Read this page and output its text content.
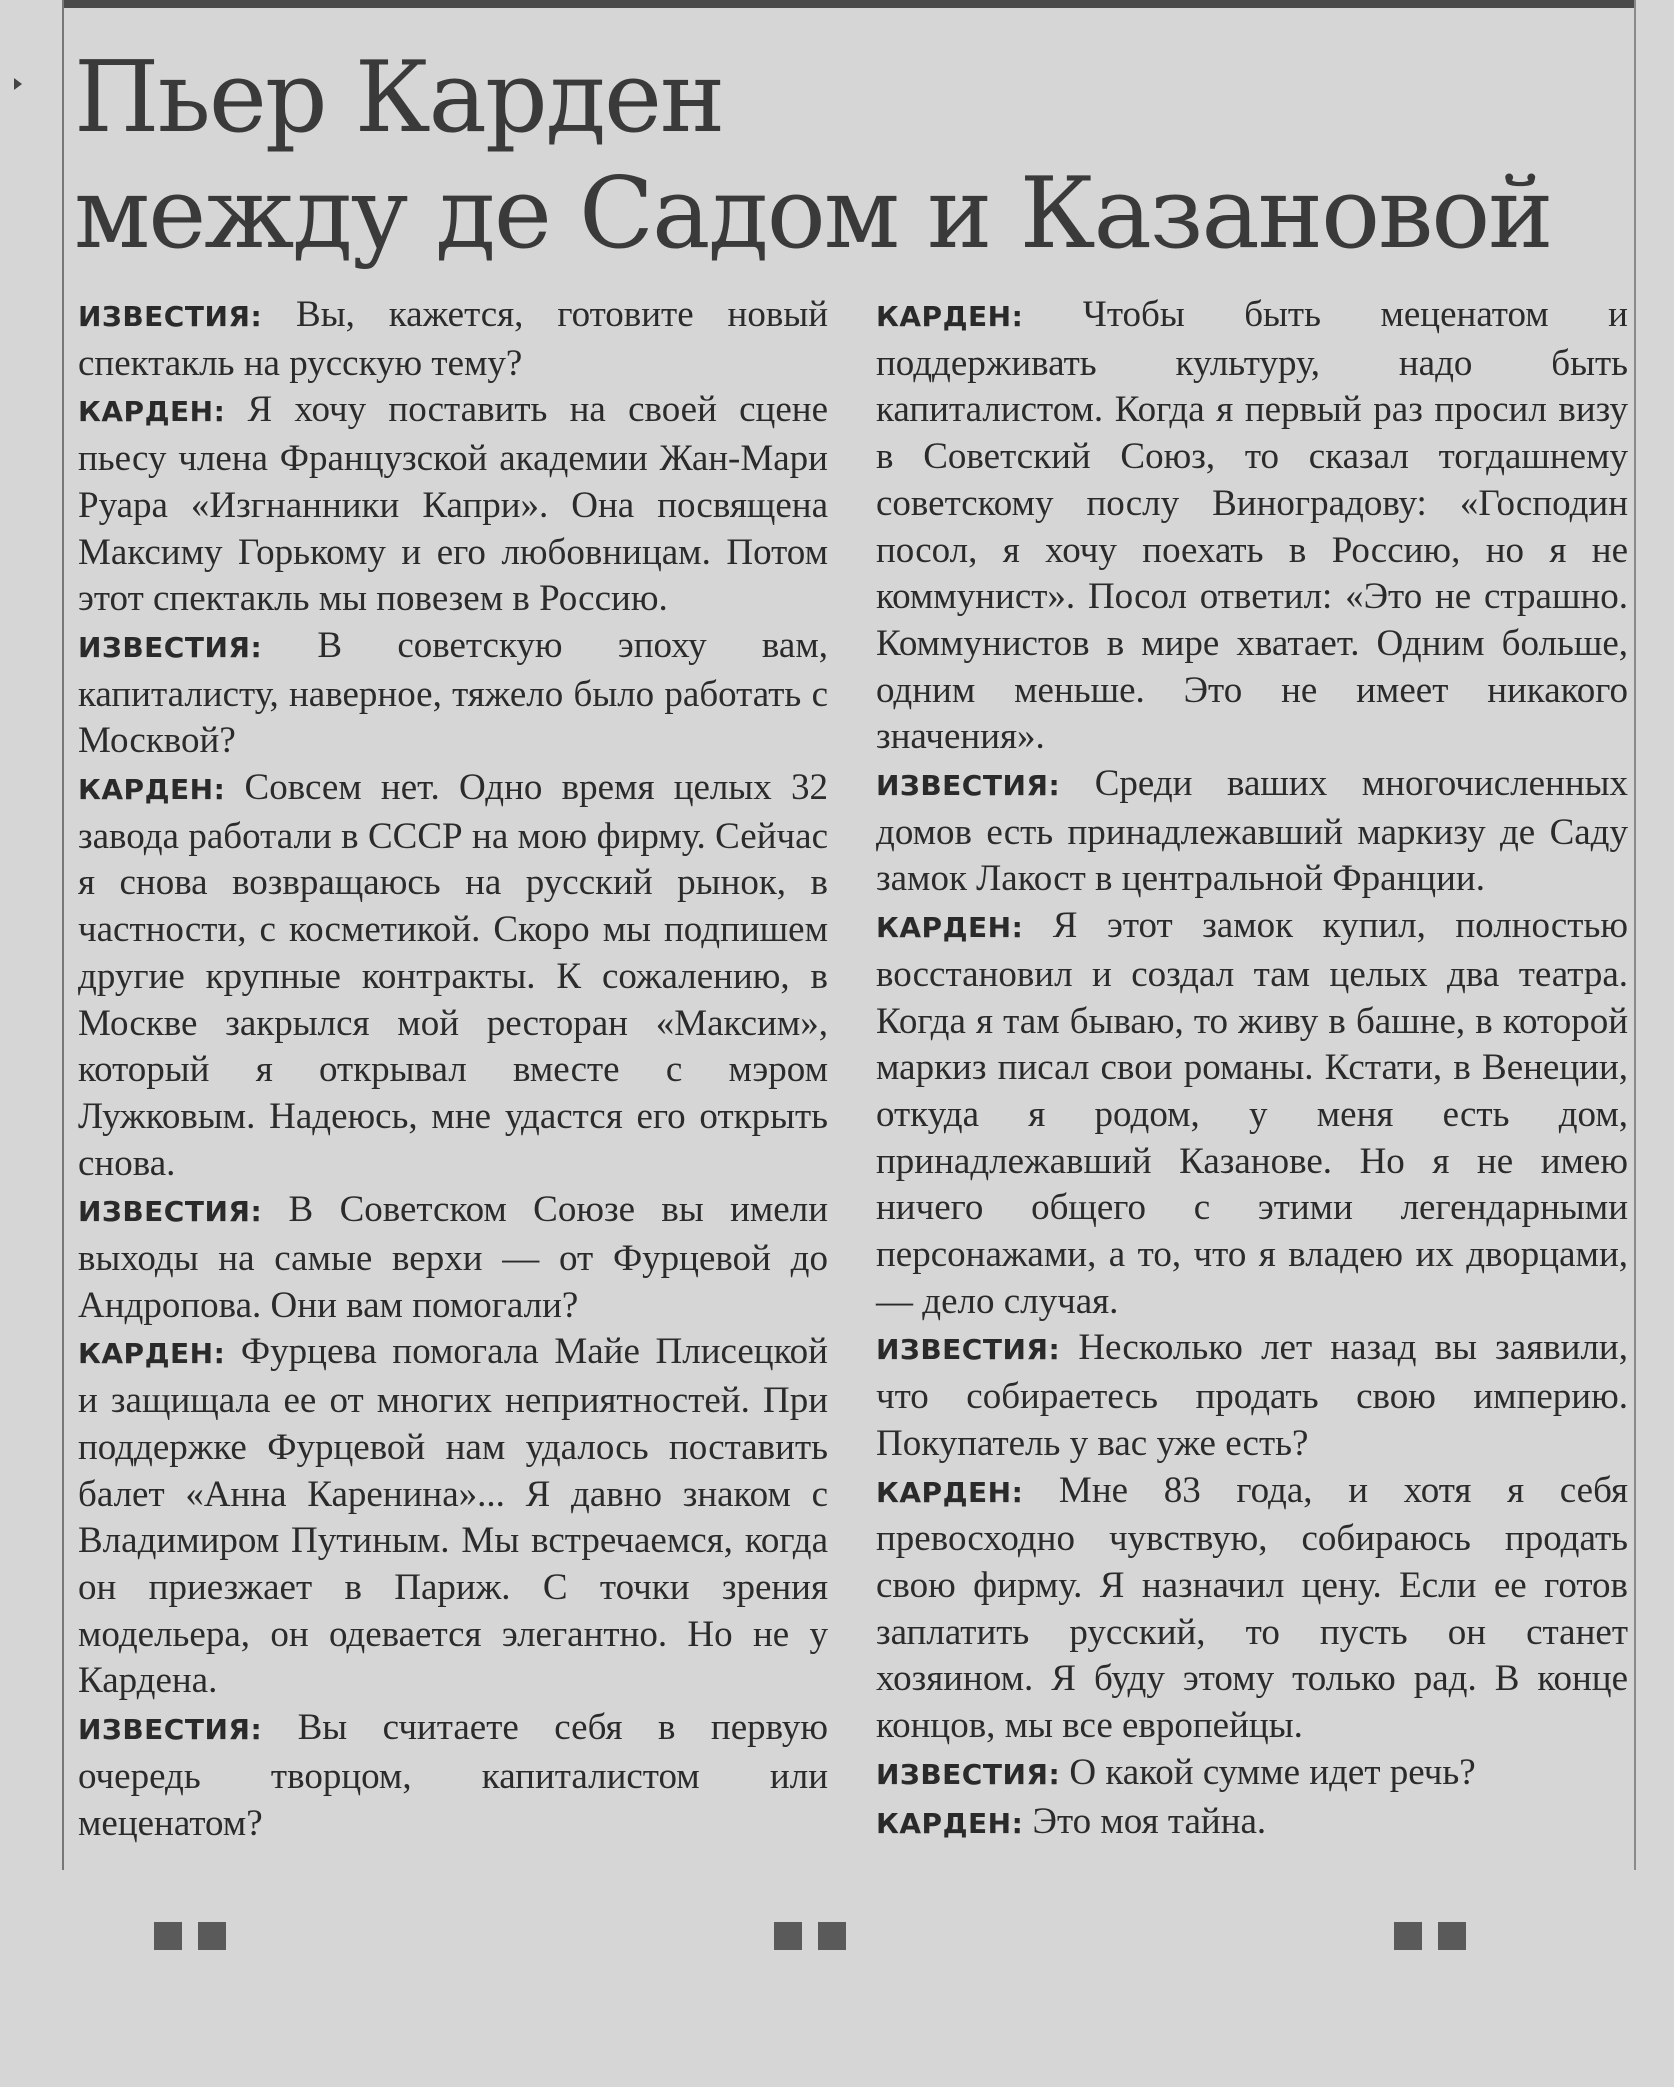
Пьер Карден
между де Садом и Казановой

ИЗВЕСТИЯ: Вы, кажется, готовите новый спектакль на русскую тему?

КАРДЕН: Я хочу поставить на своей сцене пьесу члена Французской академии Жан-Мари Руара «Изгнанники Капри». Она посвящена Максиму Горькому и его любовницам. Потом этот спектакль мы повезем в Россию.

ИЗВЕСТИЯ: В советскую эпоху вам, капиталисту, наверное, тяжело было работать с Москвой?

КАРДЕН: Совсем нет. Одно время целых 32 завода работали в СССР на мою фирму. Сейчас я снова возвращаюсь на русский рынок, в частности, с косметикой. Скоро мы подпишем другие крупные контракты. К сожалению, в Москве закрылся мой ресторан «Максим», который я открывал вместе с мэром Лужковым. Надеюсь, мне удастся его открыть снова.

ИЗВЕСТИЯ: В Советском Союзе вы имели выходы на самые верхи — от Фурцевой до Андропова. Они вам помогали?

КАРДЕН: Фурцева помогала Майе Плисецкой и защищала ее от многих неприятностей. При поддержке Фурцевой нам удалось поставить балет «Анна Каренина»... Я давно знаком с Владимиром Путиным. Мы встречаемся, когда он приезжает в Париж. С точки зрения модельера, он одевается элегантно. Но не у Кардена.

ИЗВЕСТИЯ: Вы считаете себя в первую очередь творцом, капиталистом или меценатом?

КАРДЕН: Чтобы быть меценатом и поддерживать культуру, надо быть капиталистом. Когда я первый раз просил визу в Советский Союз, то сказал тогдашнему советскому послу Виноградову: «Господин посол, я хочу поехать в Россию, но я не коммунист». Посол ответил: «Это не страшно. Коммунистов в мире хватает. Одним больше, одним меньше. Это не имеет никакого значения».

ИЗВЕСТИЯ: Среди ваших многочисленных домов есть принадлежавший маркизу де Саду замок Лакост в центральной Франции.

КАРДЕН: Я этот замок купил, полностью восстановил и создал там целых два театра. Когда я там бываю, то живу в башне, в которой маркиз писал свои романы. Кстати, в Венеции, откуда я родом, у меня есть дом, принадлежавший Казанове. Но я не имею ничего общего с этими легендарными персонажами, а то, что я владею их дворцами, — дело случая.

ИЗВЕСТИЯ: Несколько лет назад вы заявили, что собираетесь продать свою империю. Покупатель у вас уже есть?

КАРДЕН: Мне 83 года, и хотя я себя превосходно чувствую, собираюсь продать свою фирму. Я назначил цену. Если ее готов заплатить русский, то пусть он станет хозяином. Я буду этому только рад. В конце концов, мы все европейцы.

ИЗВЕСТИЯ: О какой сумме идет речь?

КАРДЕН: Это моя тайна.
